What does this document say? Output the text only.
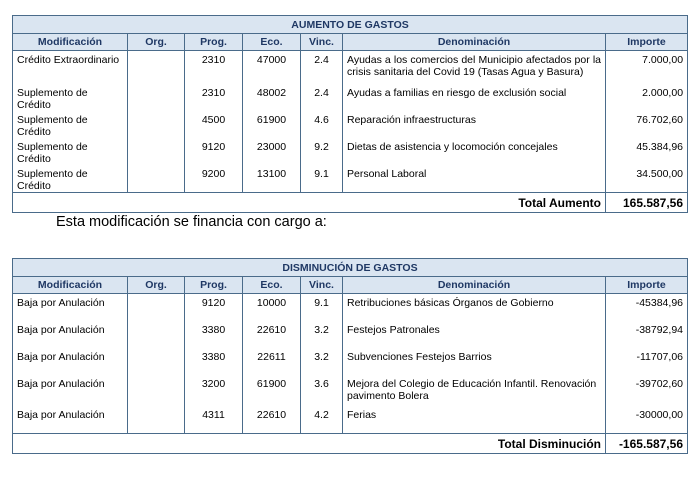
AUMENTO DE GASTOS						
Modificación	Org.	Prog.	Eco.	Vinc.	Denominación	Importe
Crédito Extraordinario		2310	47000	2.4	Ayudas a los comercios del Municipio afectados por la crisis sanitaria del Covid 19 (Tasas Agua y Basura)	7.000,00
Suplemento de Crédito		2310	48002	2.4	Ayudas a familias en riesgo de exclusión social	2.000,00
Suplemento de Crédito		4500	61900	4.6	Reparación infraestructuras	76.702,60
Suplemento de Crédito		9120	23000	9.2	Dietas de asistencia y locomoción concejales	45.384,96
Suplemento de Crédito		9200	13100	9.1	Personal Laboral	34.500,00
Total Aumento						165.587,56
Esta modificación se financia con cargo a:
DISMINUCIÓN DE GASTOS						
Modificación	Org.	Prog.	Eco.	Vinc.	Denominación	Importe
Baja por Anulación		9120	10000	9.1	Retribuciones básicas Órganos de Gobierno	-45384,96
Baja por Anulación		3380	22610	3.2	Festejos Patronales	-38792,94
Baja por Anulación		3380	22611	3.2	Subvenciones Festejos Barrios	-11707,06
Baja por Anulación		3200	61900	3.6	Mejora del Colegio de Educación Infantil. Renovación pavimento Bolera	-39702,60
Baja por Anulación		4311	22610	4.2	Ferias	-30000,00
Total Disminución						-165.587,56
